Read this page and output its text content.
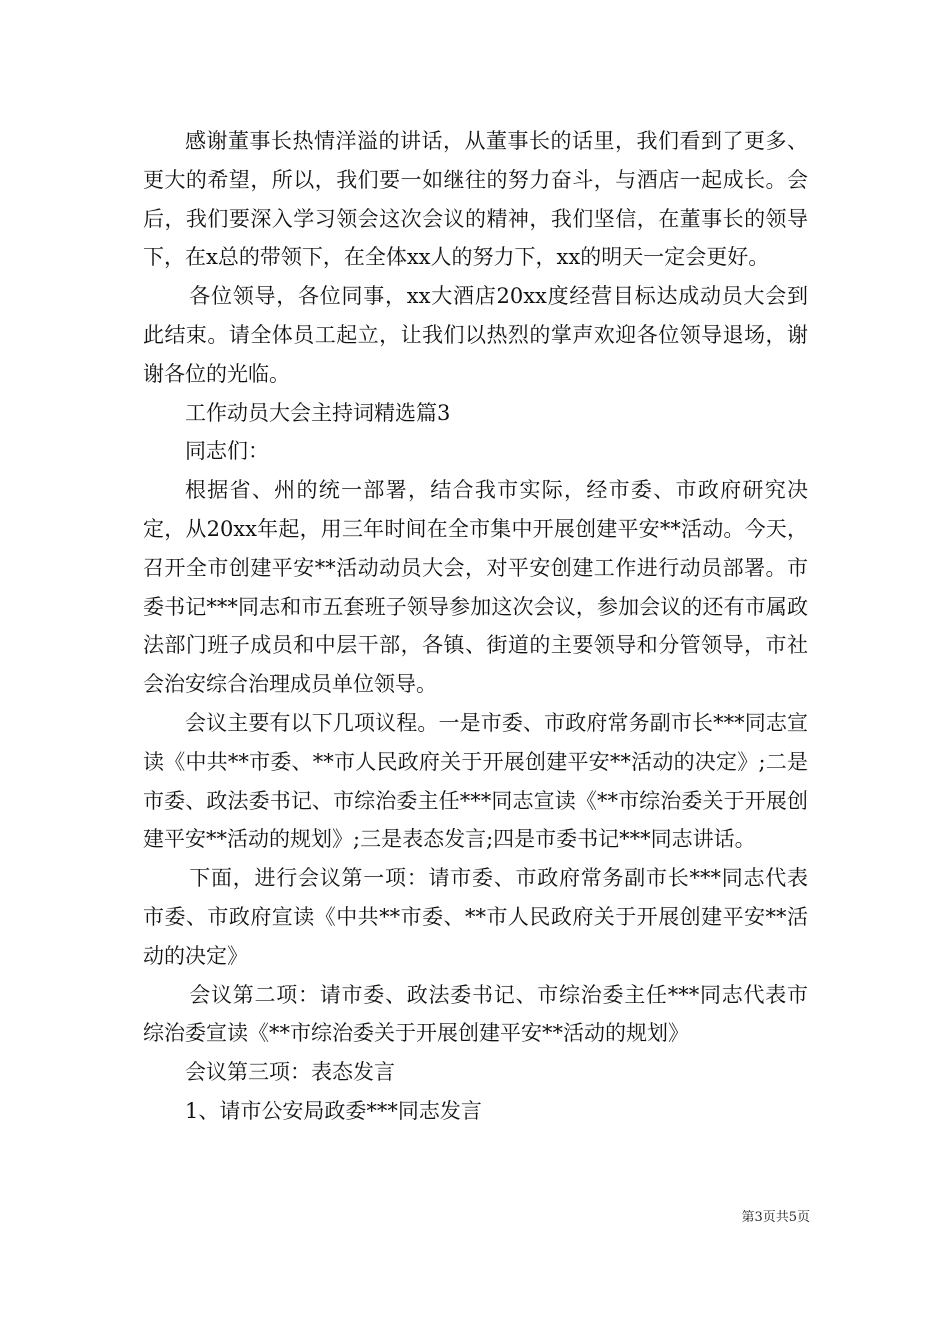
感谢董事长热情洋溢的讲话，从董事长的话里，我们看到了更多、更大的希望，所以，我们要一如继往的努力奋斗，与酒店一起成长。会后，我们要深入学习领会这次会议的精神，我们坚信，在董事长的领导下，在x总的带领下，在全体xx人的努力下，xx的明天一定会更好。

各位领导，各位同事，xx大酒店20xx度经营目标达成动员大会到此结束。请全体员工起立，让我们以热烈的掌声欢迎各位领导退场，谢谢各位的光临。

工作动员大会主持词精选篇3

同志们：

根据省、州的统一部署，结合我市实际，经市委、市政府研究决定，从20xx年起，用三年时间在全市集中开展创建平安**活动。今天，召开全市创建平安**活动动员大会，对平安创建工作进行动员部署。市委书记***同志和市五套班子领导参加这次会议，参加会议的还有市属政法部门班子成员和中层干部，各镇、街道的主要领导和分管领导，市社会治安综合治理成员单位领导。

会议主要有以下几项议程。一是市委、市政府常务副市长***同志宣读《中共**市委、**市人民政府关于开展创建平安**活动的决定》;二是市委、政法委书记、市综治委主任***同志宣读《**市综治委关于开展创建平安**活动的规划》;三是表态发言;四是市委书记***同志讲话。

下面，进行会议第一项：请市委、市政府常务副市长***同志代表市委、市政府宣读《中共**市委、**市人民政府关于开展创建平安**活动的决定》

会议第二项：请市委、政法委书记、市综治委主任***同志代表市综治委宣读《**市综治委关于开展创建平安**活动的规划》

会议第三项：表态发言

1、请市公安局政委***同志发言

第3页共5页
